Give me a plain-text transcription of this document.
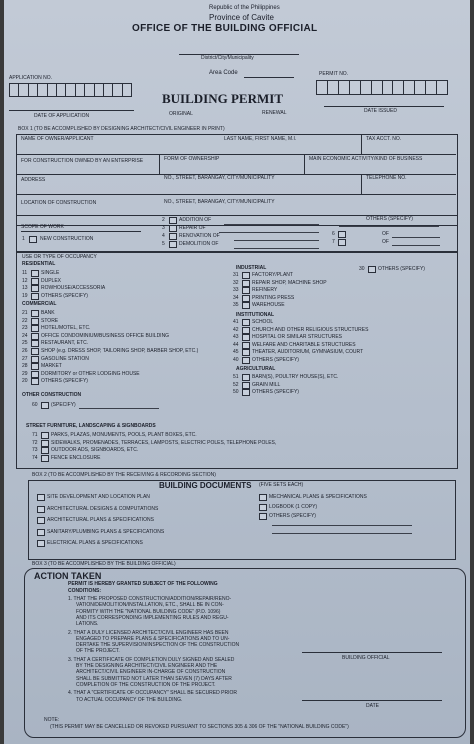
Republic of the Philippines
Province of Cavite
OFFICE OF THE BUILDING OFFICIAL
District/City/Municipality
Area Code
APPLICATION NO.
PERMIT NO.
BUILDING PERMIT
DATE OF APPLICATION	ORIGINAL	RENEWAL	DATE ISSUED
BOX 1 (TO BE ACCOMPLISHED BY DESIGNING ARCHITECT/CIVIL ENGINEER IN PRINT)
NAME OF OWNER/APPLICANT	LAST NAME, FIRST NAME, M.I.	TAX ACCT. NO.
FOR CONSTRUCTION OWNED BY AN ENTERPRISE	FORM OF OWNERSHIP	MAIN ECONOMIC ACTIVITY/KIND OF BUSINESS
ADDRESS	NO., STREET, BARANGAY, CITY/MUNICIPALITY	TELEPHONE NO.
LOCATION OF CONSTRUCTION	NO., STREET, BARANGAY, CITY/MUNICIPALITY
SCOPE OF WORK
1	NEW CONSTRUCTION
2	ADDITION OF
3	REPAIR OF
4	RENOVATION OF
5	DEMOLITION OF
OTHERS (SPECIFY)
6	OF
7	OF
USE OR TYPE OF OCCUPANCY
RESIDENTIAL
COMMERCIAL
OTHER CONSTRUCTION
INDUSTRIAL	30	OTHERS (SPECIFY)
INSTITUTIONAL
AGRICULTURAL
STREET FURNITURE, LANDSCAPING & SIGNBOARDS
BOX 2 (TO BE ACCOMPLISHED BY THE RECEIVING & RECORDING SECTION)
BUILDING DOCUMENTS (FIVE SETS EACH)
BOX 3 (TO BE ACCOMPLISHED BY THE BUILDING OFFICIAL)
ACTION TAKEN
PERMIT IS HEREBY GRANTED SUBJECT OF THE FOLLOWING
CONDITIONS:
BUILDING OFFICIAL
DATE
NOTE:
(THIS PERMIT MAY BE CANCELLED OR REVOKED PURSUANT TO SECTIONS 305 & 306 OF THE "NATIONAL BUILDING CODE")
11	SINGLE
12	DUPLEX
13	ROWHOUSE/ACCESSORIA
19	OTHERS (SPECIFY)
21	BANK
22	STORE
23	HOTEL/MOTEL, ETC.
24	OFFICE CONDOMINIUM/BUSINESS OFFICE BUILDING
25	RESTAURANT, ETC.
26	SHOP (e.g. DRESS SHOP, TAILORING SHOP, BARBER SHOP, ETC.)
27	GASOLINE STATION
28	MARKET
29	DORMITORY or OTHER LODGING HOUSE
20	OTHERS (SPECIFY)
60	(SPECIFY)
31	FACTORY/PLANT
32	REPAIR SHOP, MACHINE SHOP
33	REFINERY
34	PRINTING PRESS
35	WAREHOUSE
41	SCHOOL
42	CHURCH AND OTHER RELIGIOUS STRUCTURES
43	HOSPITAL OR SIMILAR STRUCTURES
44	WELFARE AND CHARITABLE STRUCTURES
45	THEATER, AUDITORIUM, GYMNASIUM, COURT
40	OTHERS (SPECIFY)
51	BARN(S), POULTRY HOUSE(S), ETC.
52	GRAIN MILL
50	OTHERS (SPECIFY)
71	PARKS, PLAZAS, MONUMENTS, POOLS, PLANT BOXES, ETC.
72	SIDEWALKS, PROMENADES, TERRACES, LAMPOSTS, ELECTRIC POLES, TELEPHONE POLES,
73	OUTDOOR ADS, SIGNBOARDS, ETC.
74	FENCE ENCLOSURE
SITE DEVELOPMENT AND LOCATION PLAN
ARCHITECTURAL DESIGNS & COMPUTATIONS
ARCHITECTURAL PLANS & SPECIFICATIONS
SANITARY/PLUMBING PLANS & SPECIFICATIONS
ELECTRICAL PLANS & SPECIFICATIONS
MECHANICAL PLANS & SPECIFICATIONS
LOGBOOK (1 COPY)
OTHERS (SPECIFY)
1. THAT THE PROPOSED CONSTRUCTION/ADDITION/REPAIR/RENO-
VATION/DEMOLITION/INSTALLATION, ETC., SHALL BE IN CON-
FORMITY WITH THE "NATIONAL BUILDING CODE" (P.D. 1096)
AND ITS CORRESPONDING IMPLEMENTING RULES AND REGU-
LATIONS.
2. THAT A DULY LICENSED ARCHITECT/CIVIL ENGINEER HAS BEEN
ENGAGED TO PREPARE PLANS & SPECIFICATIONS AND TO UN-
DERTAKE THE SUPERVISION/INSPECTION OF THE CONSTRUCTION
OF THE PROJECT.
3. THAT A CERTIFICATE OF COMPLETION DULY SIGNED AND SEALED
BY THE DESIGNING ARCHITECT/CIVIL ENGINEER AND THE
ARCHITECT/CIVIL ENGINEER IN-CHARGE OF CONSTRUCTION
SHALL BE SUBMITTED NOT LATER THAN SEVEN (7) DAYS AFTER
COMPLETION OF THE CONSTRUCTION OF THE PROJECT.
4. THAT A "CERTIFICATE OF OCCUPANCY" SHALL BE SECURED PRIOR
TO ACTUAL OCCUPANCY OF THE BUILDING.
